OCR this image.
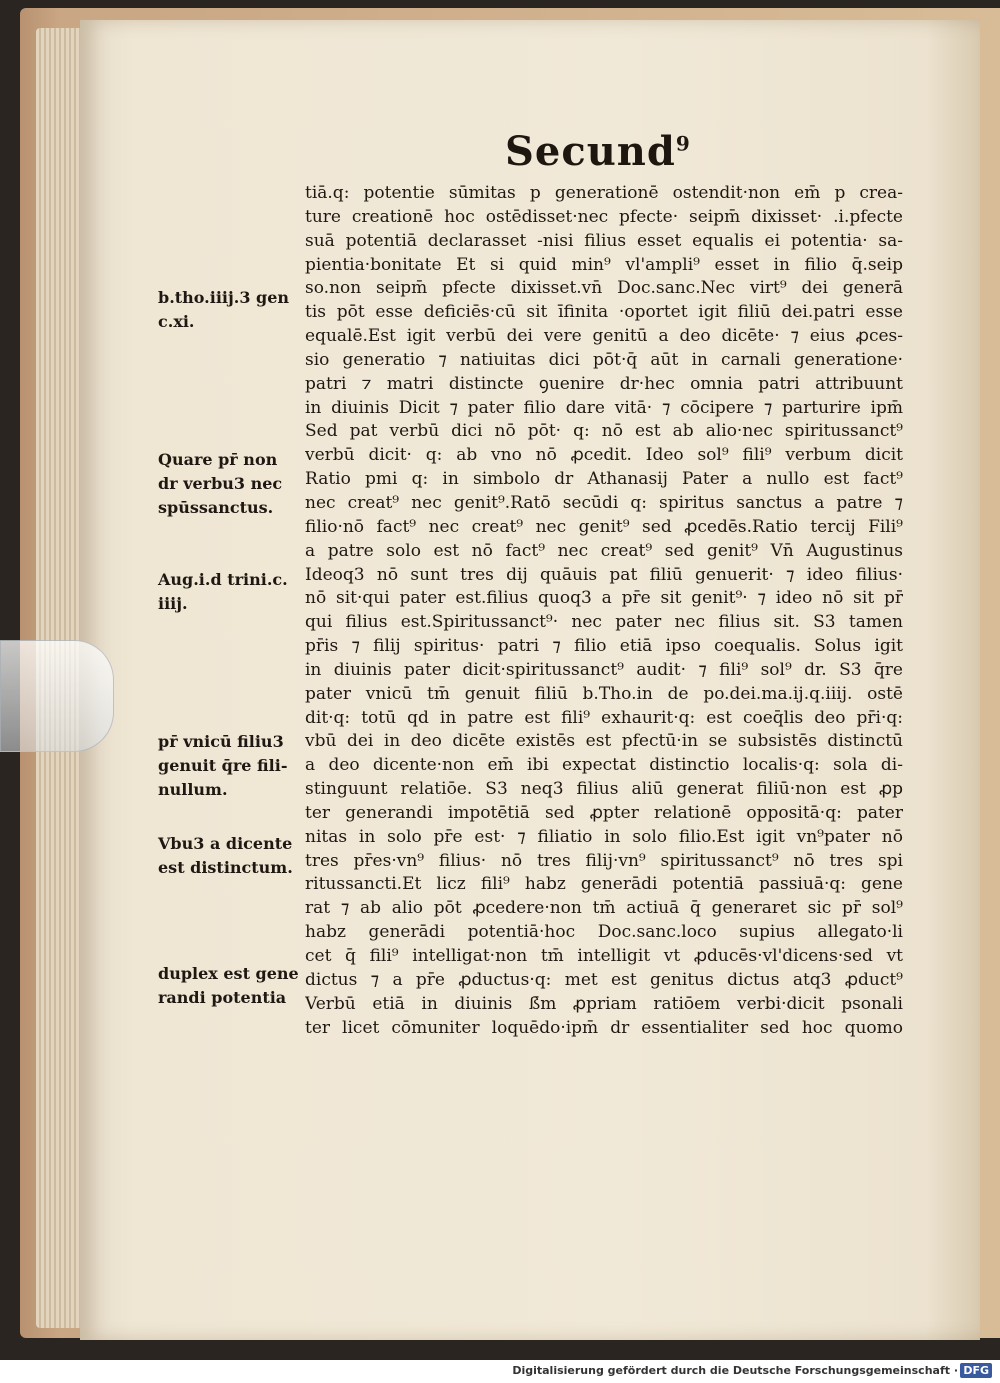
Secund$^9$
tiā.q: potentie sūmitas p generationē ostendit·non em̄ p crea-
ture creationē hoc ostēdisset·nec pfecte· seipm̄ dixisset· .i.pfecte
suā potentiā declarasset -nisi filius esset equalis ei potentia· sa-
pientia·bonitate Et si quid min⁹ vl'ampli⁹ esset in filio q̄.seip
so.non seipm̄ pfecte dixisset.vn̄ Doc.sanc.Nec virt⁹ dei generā
tis pōt esse deficiēs·cū sit īfinita ·oportet igit filiū dei.patri esse
equalē.Est igit verbū dei vere genitū a deo dicēte· ⁊ eius ꝓces-
sio generatio ⁊ natiuitas dici pōt·q̄ aūt in carnali generatione·
patri ⁊ matri distincte ꝯuenire dr·hec omnia patri attribuunt
in diuinis Dicit ⁊ pater filio dare vitā· ⁊ cōcipere ⁊ parturire ipm̄
Sed pat verbū dici nō pōt· q: nō est ab alio·nec spiritussanct⁹
verbū dicit· q: ab vno nō ꝓcedit. Ideo sol⁹ fili⁹ verbum dicit
Ratio pmi q: in simbolo dr Athanasij Pater a nullo est fact⁹
nec creat⁹ nec genit⁹.Ratō secūdi q: spiritus sanctus a patre ⁊
filio·nō fact⁹ nec creat⁹ nec genit⁹ sed ꝓcedēs.Ratio tercij Fili⁹
a patre solo est nō fact⁹ nec creat⁹ sed genit⁹ Vn̄ Augustinus
Ideoq3 nō sunt tres dij quāuis pat filiū genuerit· ⁊ ideo filius·
nō sit·qui pater est.filius quoq3 a pr̄e sit genit⁹· ⁊ ideo nō sit pr̄
qui filius est.Spiritussanct⁹· nec pater nec filius sit. S3 tamen
pr̄is ⁊ filij spiritus· patri ⁊ filio etiā ipso coequalis. Solus igit
in diuinis pater dicit·spiritussanct⁹ audit· ⁊ fili⁹ sol⁹ dr. S3 q̄re
pater vnicū tm̄ genuit filiū b.Tho.in de po.dei.ma.ij.q.iiij. ostē
dit·q: totū qd in patre est fili⁹ exhaurit·q: est coeq̄lis deo pr̄i·q:
vbū dei in deo dicēte existēs est pfectū·in se subsistēs distinctū
a deo dicente·non em̄ ibi expectat distinctio localis·q: sola di-
stinguunt relatiōe. S3 neq3 filius aliū generat filiū·non est ꝓp
ter generandi impotētiā sed ꝓpter relationē oppositā·q: pater
nitas in solo pr̄e est· ⁊ filiatio in solo filio.Est igit vn⁹pater nō
tres pr̄es·vn⁹ filius· nō tres filij·vn⁹ spiritussanct⁹ nō tres spi
ritussancti.Et licz fili⁹ habz generādi potentiā passiuā·q: gene
rat ⁊ ab alio pōt ꝓcedere·non tm̄ actiuā q̄ generaret sic pr̄ sol⁹
habz generādi potentiā·hoc Doc.sanc.loco supius allegato·li
cet q̄ fili⁹ intelligat·non tm̄ intelligit vt ꝓducēs·vl'dicens·sed vt
dictus ⁊ a pr̄e ꝓductus·q: met est genitus dictus atq3 ꝓduct⁹
Verbū etiā in diuinis ß̄m ꝓpriam ratiōem verbi·dicit psonali
ter licet cōmuniter loquēdo·ipm̄ dr essentialiter sed hoc quomo
b.tho.iiij.3 gen
c.xi.
Quare pr̄ non
dr verbu3 nec
spūssanctus.
Aug.i.d trini.c.
iiij.
pr̄ vnicū filiu3
genuit q̄re fili-
nullum.
Vbu3 a dicente
est distinctum.
duplex est gene
randi potentia
Digitalisierung gefördert durch die Deutsche Forschungsgemeinschaft · DFG
